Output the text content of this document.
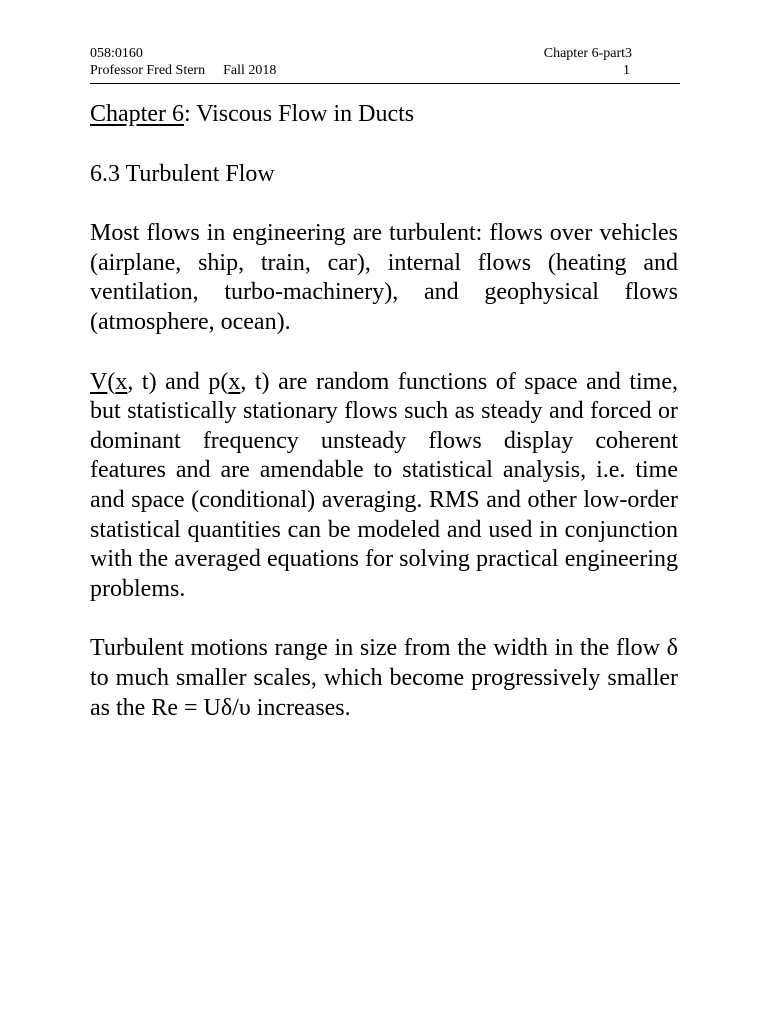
058:0160	Chapter 6-part3
Professor Fred Stern Fall 2018	1

Chapter 6: Viscous Flow in Ducts

6.3 Turbulent Flow

Most flows in engineering are turbulent: flows over vehicles (airplane, ship, train, car), internal flows (heating and ventilation, turbo-machinery), and geophysical flows (atmosphere, ocean).

V(x, t) and p(x, t) are random functions of space and time, but statistically stationary flows such as steady and forced or dominant frequency unsteady flows display coherent features and are amendable to statistical analysis, i.e. time and space (conditional) averaging. RMS and other low-order statistical quantities can be modeled and used in conjunction with the averaged equations for solving practical engineering problems.

Turbulent motions range in size from the width in the flow δ to much smaller scales, which become progressively smaller as the Re = Uδ/υ increases.
